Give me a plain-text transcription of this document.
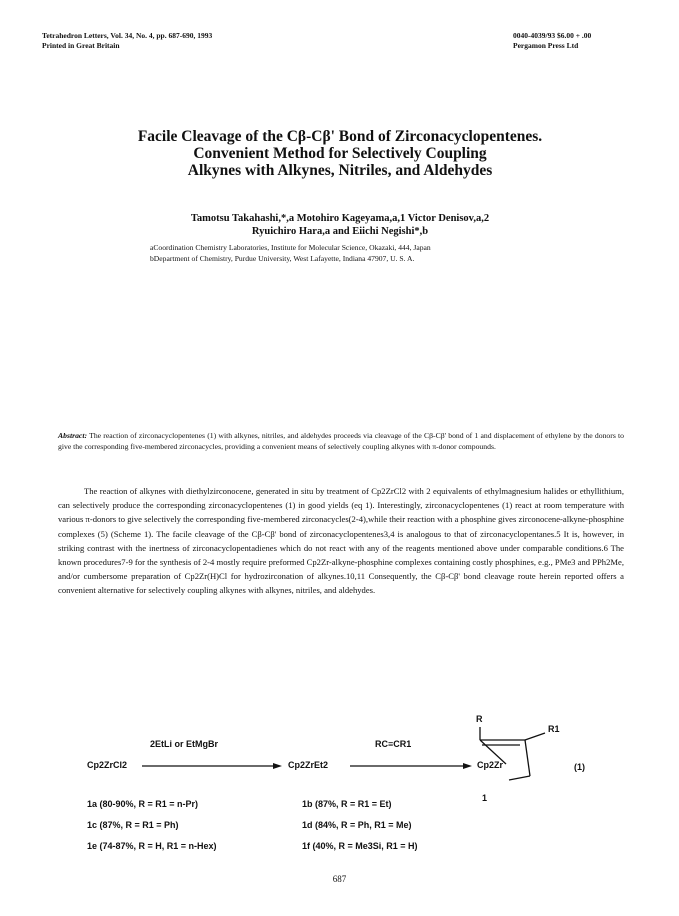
Tetrahedron Letters, Vol. 34, No. 4, pp. 687-690, 1993
Printed in Great Britain
0040-4039/93 $6.00 + .00
Pergamon Press Ltd
Facile Cleavage of the Cβ-Cβ' Bond of Zirconacyclopentenes.
Convenient Method for Selectively Coupling
Alkynes with Alkynes, Nitriles, and Aldehydes
Tamotsu Takahashi,*,a Motohiro Kageyama,a,1 Victor Denisov,a,2
Ryuichiro Hara,a and Eiichi Negishi*,b
aCoordination Chemistry Laboratories, Institute for Molecular Science, Okazaki, 444, Japan
bDepartment of Chemistry, Purdue University, West Lafayette, Indiana 47907, U. S. A.
Abstract: The reaction of zirconacyclopentenes (1) with alkynes, nitriles, and aldehydes proceeds via cleavage of the Cβ-Cβ' bond of 1 and displacement of ethylene by the donors to give the corresponding five-membered zirconacycles, providing a convenient means of selectively coupling alkynes with π-donor compounds.

The reaction of alkynes with diethylzirconocene, generated in situ by treatment of Cp2ZrCl2 with 2 equivalents of ethylmagnesium halides or ethyllithium, can selectively produce the corresponding zirconacyclopentenes (1) in good yields (eq 1). Interestingly, zirconacyclopentenes (1) react at room temperature with various π-donors to give selectively the corresponding five-membered zirconacycles(2-4),while their reaction with a phosphine gives zirconocene-alkyne-phosphine complexes (5) (Scheme 1). The facile cleavage of the Cβ-Cβ' bond of zirconacyclopentenes3,4 is analogous to that of zirconacyclopentanes.5 It is, however, in striking contrast with the inertness of zirconacyclopentadienes which do not react with any of the reagents mentioned above under comparable conditions.6 The known procedures7-9 for the synthesis of 2-4 mostly require preformed Cp2Zr-alkyne-phosphine complexes containing costly phosphines, e.g., PMe3 and PPh2Me, and/or cumbersome preparation of Cp2Zr(H)Cl for hydrozirconation of alkynes.10,11 Consequently, the Cβ-Cβ' bond cleavage route herein reported offers a convenient alternative for selectively coupling alkynes with alkynes, nitriles, and aldehydes.

Cp2ZrCl2
2EtLi or EtMgBr
Cp2ZrEt2
RC≡CR1
Cp2Zr
R
R1
(1)
1
1a (80-90%, R = R1 = n-Pr)	1b (87%, R = R1 = Et)
1c (87%, R = R1 = Ph)	1d (84%, R = Ph, R1 = Me)
1e (74-87%, R = H, R1 = n-Hex)	1f (40%, R = Me3Si, R1 = H)
687
